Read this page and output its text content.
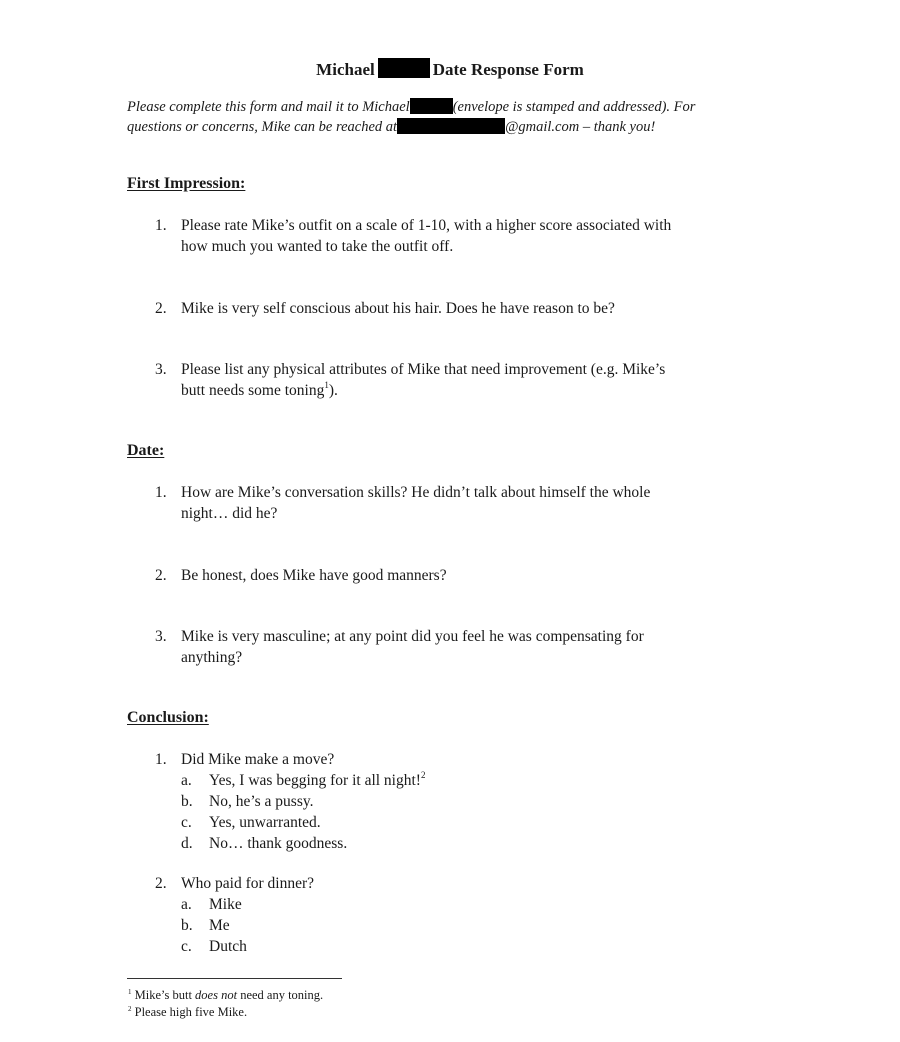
Michael	Date Response Form
Please complete this form and mail it to Michael	(envelope is stamped and addressed). For
questions or concerns, Mike can be reached at	@gmail.com – thank you!
First Impression:
1. Please rate Mike’s outfit on a scale of 1-10, with a higher score associated with
how much you wanted to take the outfit off.
2. Mike is very self conscious about his hair. Does he have reason to be?
3. Please list any physical attributes of Mike that need improvement (e.g. Mike’s
butt needs some toning$^1$).
Date:
1. How are Mike’s conversation skills? He didn’t talk about himself the whole
night… did he?
2. Be honest, does Mike have good manners?
3. Mike is very masculine; at any point did you feel he was compensating for
anything?
Conclusion:
1. Did Mike make a move?
a. Yes, I was begging for it all night!$^2$
b. No, he’s a pussy.
c. Yes, unwarranted.
d. No… thank goodness.
2. Who paid for dinner?
a. Mike
b. Me
c. Dutch
$^1$ Mike’s butt does not need any toning.
$^2$ Please high five Mike.
